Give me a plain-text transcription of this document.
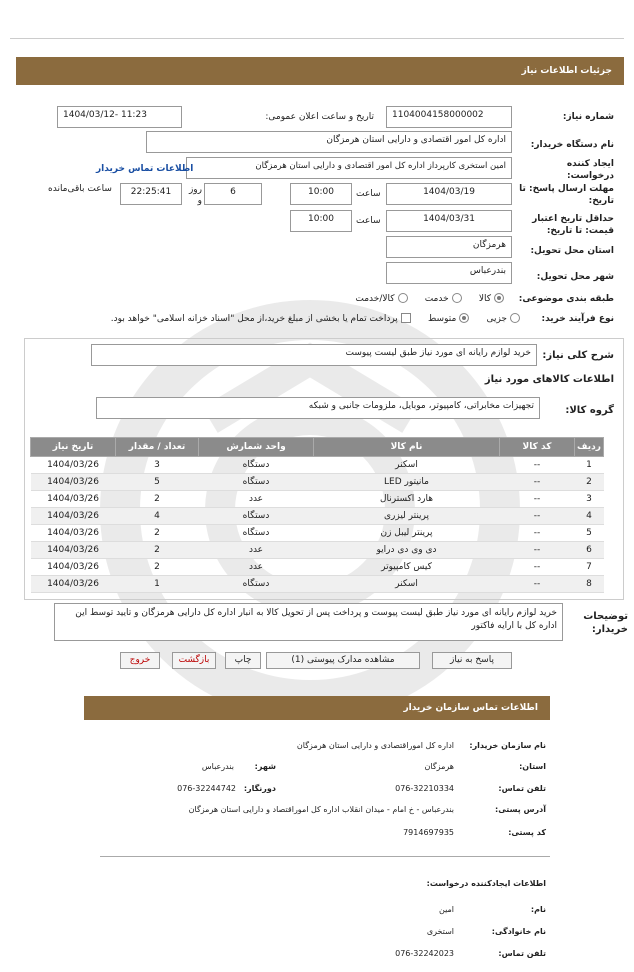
جزئیات اطلاعات نیاز
شماره نیاز:
1104004158000002
تاریخ و ساعت اعلان عمومی:
1404/03/12- 11:23
نام دستگاه خریدار:
اداره کل امور اقتصادی و دارایی استان هرمزگان
ایجاد کننده درخواست:
امین استخری کارپرداز اداره کل امور اقتصادی و دارایی استان هرمزگان
اطلاعات تماس خریدار
مهلت ارسال پاسخ: تا تاریخ:
1404/03/19
ساعت
10:00
6
روز و
22:25:41
ساعت باقی‌مانده
حداقل تاریخ اعتبار قیمت: تا تاریخ:
1404/03/31
ساعت
10:00
استان محل تحویل:
هرمزگان
شهر محل تحویل:
بندرعباس
طبقه بندی موضوعی:
کالا      خدمت      کالا/خدمت
نوع فرآیند خرید:
جزیی      متوسط      پرداخت تمام یا بخشی از مبلغ خرید،از محل "اسناد خزانه اسلامی" خواهد بود.
شرح کلی نیاز:
خرید لوازم رایانه ای مورد نیاز طبق لیست پیوست
اطلاعات کالاهای مورد نیاز
گروه کالا:
تجهیزات مخابراتی، کامپیوتر، موبایل، ملزومات جانبی و شبکه
ردیف	کد کالا	نام کالا	واحد شمارش	تعداد / مقدار	تاریخ نیاز
1	--	اسکنر	دستگاه	3	1404/03/26
2	--	مانیتور LED	دستگاه	5	1404/03/26
3	--	هارد اکسترنال	عدد	2	1404/03/26
4	--	پرینتر لیزری	دستگاه	4	1404/03/26
5	--	پرینتر لیبل زن	دستگاه	2	1404/03/26
6	--	دی وی دی درایو	عدد	2	1404/03/26
7	--	کیس کامپیوتر	عدد	2	1404/03/26
8	--	اسکنر	دستگاه	1	1404/03/26
توضیحات خریدار:
خرید لوازم رایانه ای مورد نیاز طبق لیست پیوست و پرداخت پس از تحویل کالا به انبار اداره کل دارایی هرمزگان و تایید توسط این اداره کل با ارایه فاکتور
پاسخ به نیاز
مشاهده مدارک پیوستی (1)
چاپ
بازگشت
خروج
اطلاعات تماس سازمان خریدار
نام سازمان خریدار:
اداره کل اموراقتصادی و دارایی استان هرمزگان
استان:
هرمزگان
شهر:
بندرعباس
تلفن تماس:
076-32210334
دورنگار:
076-32244742
آدرس پستی:
بندرعباس - خ امام - میدان انقلاب اداره کل اموراقتصاد و دارایی استان هرمزگان
کد پستی:
7914697935
اطلاعات ایجادکننده درخواست:
نام:
امین
نام خانوادگی:
استخری
تلفن تماس:
076-32242023
